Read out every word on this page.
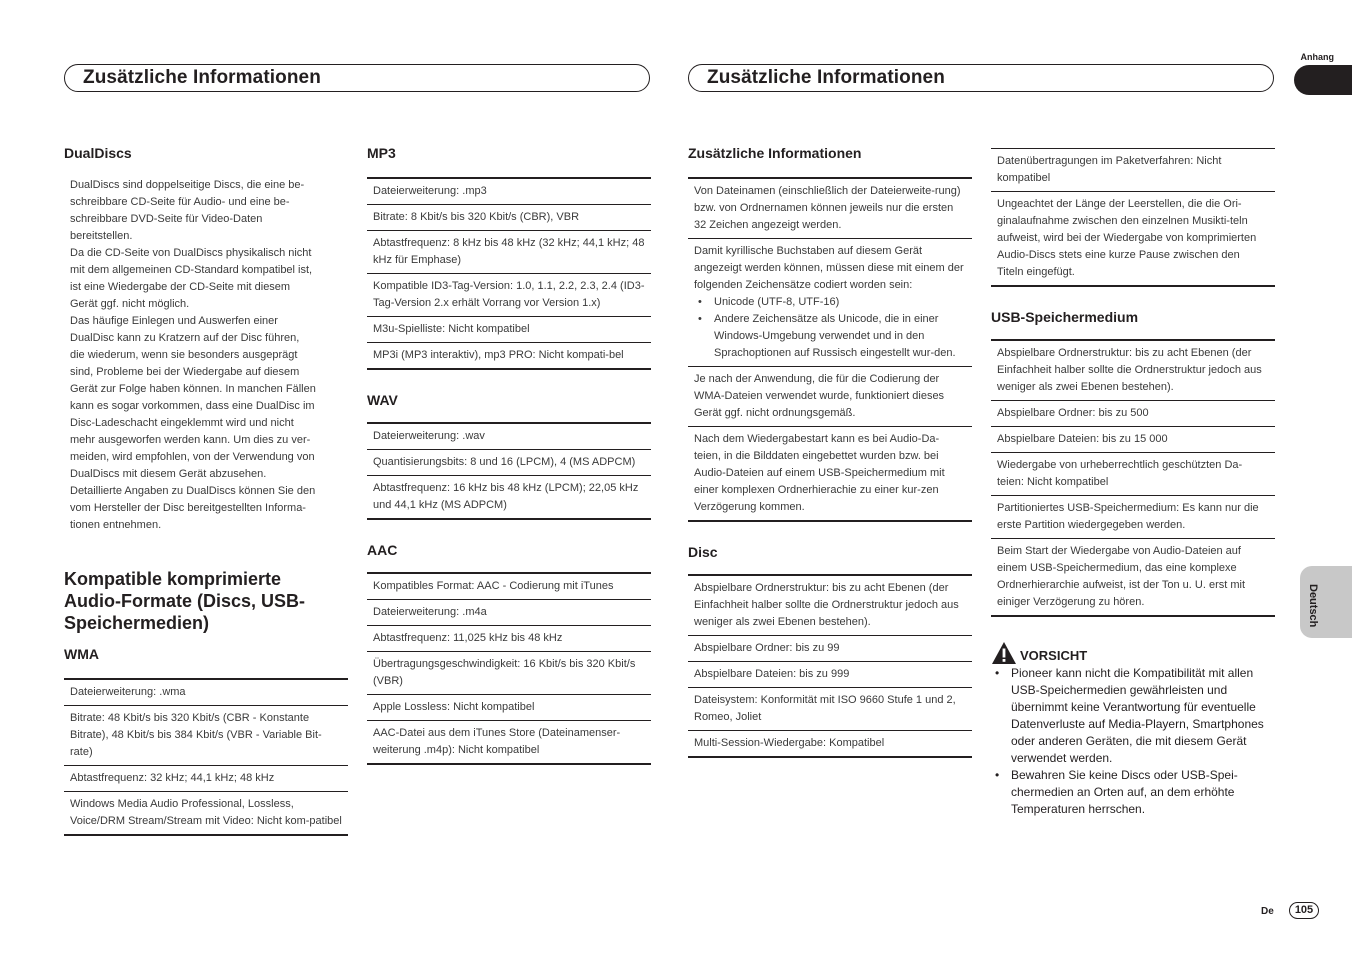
Zusätzliche Informationen	Zusätzliche Informationen
Anhang
Deutsch
DualDiscs
DualDiscs sind doppelseitige Discs, die eine be-
schreibbare CD-Seite für Audio- und eine be-
schreibbare DVD-Seite für Video-Daten
bereitstellen.
Da die CD-Seite von DualDiscs physikalisch nicht
mit dem allgemeinen CD-Standard kompatibel ist,
ist eine Wiedergabe der CD-Seite mit diesem
Gerät ggf. nicht möglich.
Das häufige Einlegen und Auswerfen einer
DualDisc kann zu Kratzern auf der Disc führen,
die wiederum, wenn sie besonders ausgeprägt
sind, Probleme bei der Wiedergabe auf diesem
Gerät zur Folge haben können. In manchen Fällen
kann es sogar vorkommen, dass eine DualDisc im
Disc-Ladeschacht eingeklemmt wird und nicht
mehr ausgeworfen werden kann. Um dies zu ver-
meiden, wird empfohlen, von der Verwendung von
DualDiscs mit diesem Gerät abzusehen.
Detaillierte Angaben zu DualDiscs können Sie den
vom Hersteller der Disc bereitgestellten Informa-
tionen entnehmen.
Kompatible komprimierte
Audio-Formate (Discs, USB-
Speichermedien)
WMA
Dateierweiterung: .wma
Bitrate: 48 Kbit/s bis 320 Kbit/s (CBR - Konstante Bitrate), 48 Kbit/s bis 384 Kbit/s (VBR - Variable Bit-rate)
Abtastfrequenz: 32 kHz; 44,1 kHz; 48 kHz
Windows Media Audio Professional, Lossless, Voice/DRM Stream/Stream mit Video: Nicht kom-patibel
MP3
Dateierweiterung: .mp3
Bitrate: 8 Kbit/s bis 320 Kbit/s (CBR), VBR
Abtastfrequenz: 8 kHz bis 48 kHz (32 kHz; 44,1 kHz; 48 kHz für Emphase)
Kompatible ID3-Tag-Version: 1.0, 1.1, 2.2, 2.3, 2.4 (ID3-Tag-Version 2.x erhält Vorrang vor Version 1.x)
M3u-Spielliste: Nicht kompatibel
MP3i (MP3 interaktiv), mp3 PRO: Nicht kompati-bel
WAV
Dateierweiterung: .wav
Quantisierungsbits: 8 und 16 (LPCM), 4 (MS ADPCM)
Abtastfrequenz: 16 kHz bis 48 kHz (LPCM); 22,05 kHz und 44,1 kHz (MS ADPCM)
AAC
Kompatibles Format: AAC - Codierung mit iTunes
Dateierweiterung: .m4a
Abtastfrequenz: 11,025 kHz bis 48 kHz
Übertragungsgeschwindigkeit: 16 Kbit/s bis 320 Kbit/s (VBR)
Apple Lossless: Nicht kompatibel
AAC-Datei aus dem iTunes Store (Dateinamenser-weiterung .m4p): Nicht kompatibel
Zusätzliche Informationen
Von Dateinamen (einschließlich der Dateierweite-rung) bzw. von Ordnernamen können jeweils nur die ersten 32 Zeichen angezeigt werden.

Damit kyrillische Buchstaben auf diesem Gerät angezeigt werden können, müssen diese mit einem der folgenden Zeichensätze codiert worden sein:
• Unicode (UTF-8, UTF-16)
• Andere Zeichensätze als Unicode, die in einer Windows-Umgebung verwendet und in den Sprachoptionen auf Russisch eingestellt wur-den.

Je nach der Anwendung, die für die Codierung der WMA-Dateien verwendet wurde, funktioniert dieses Gerät ggf. nicht ordnungsgemäß.
Nach dem Wiedergabestart kann es bei Audio-Da-teien, in die Bilddaten eingebettet wurden bzw. bei Audio-Dateien auf einem USB-Speichermedium mit einer komplexen Ordnerhierachie zu einer kur-zen Verzögerung kommen.
Disc
Abspielbare Ordnerstruktur: bis zu acht Ebenen (der Einfachheit halber sollte die Ordnerstruktur jedoch aus weniger als zwei Ebenen bestehen).
Abspielbare Ordner: bis zu 99
Abspielbare Dateien: bis zu 999
Dateisystem: Konformität mit ISO 9660 Stufe 1 und 2, Romeo, Joliet
Multi-Session-Wiedergabe: Kompatibel
Datenübertragungen im Paketverfahren: Nicht kompatibel
Ungeachtet der Länge der Leerstellen, die die Ori-ginalaufnahme zwischen den einzelnen Musikti-teln aufweist, wird bei der Wiedergabe von komprimierten Audio-Discs stets eine kurze Pause zwischen den Titeln eingefügt.
USB-Speichermedium
Abspielbare Ordnerstruktur: bis zu acht Ebenen (der Einfachheit halber sollte die Ordnerstruktur jedoch aus weniger als zwei Ebenen bestehen).
Abspielbare Ordner: bis zu 500
Abspielbare Dateien: bis zu 15 000
Wiedergabe von urheberrechtlich geschützten Da-teien: Nicht kompatibel
Partitioniertes USB-Speichermedium: Es kann nur die erste Partition wiedergegeben werden.
Beim Start der Wiedergabe von Audio-Dateien auf einem USB-Speichermedium, das eine komplexe Ordnerhierarchie aufweist, ist der Ton u. U. erst mit einiger Verzögerung zu hören.
VORSICHT
• Pioneer kann nicht die Kompatibilität mit allen USB-Speichermedien gewährleisten und übernimmt keine Verantwortung für eventuelle Datenverluste auf Media-Playern, Smartphones oder anderen Geräten, die mit diesem Gerät verwendet werden.
• Bewahren Sie keine Discs oder USB-Spei-chermedien an Orten auf, an dem erhöhte Temperaturen herrschen.
De	105
